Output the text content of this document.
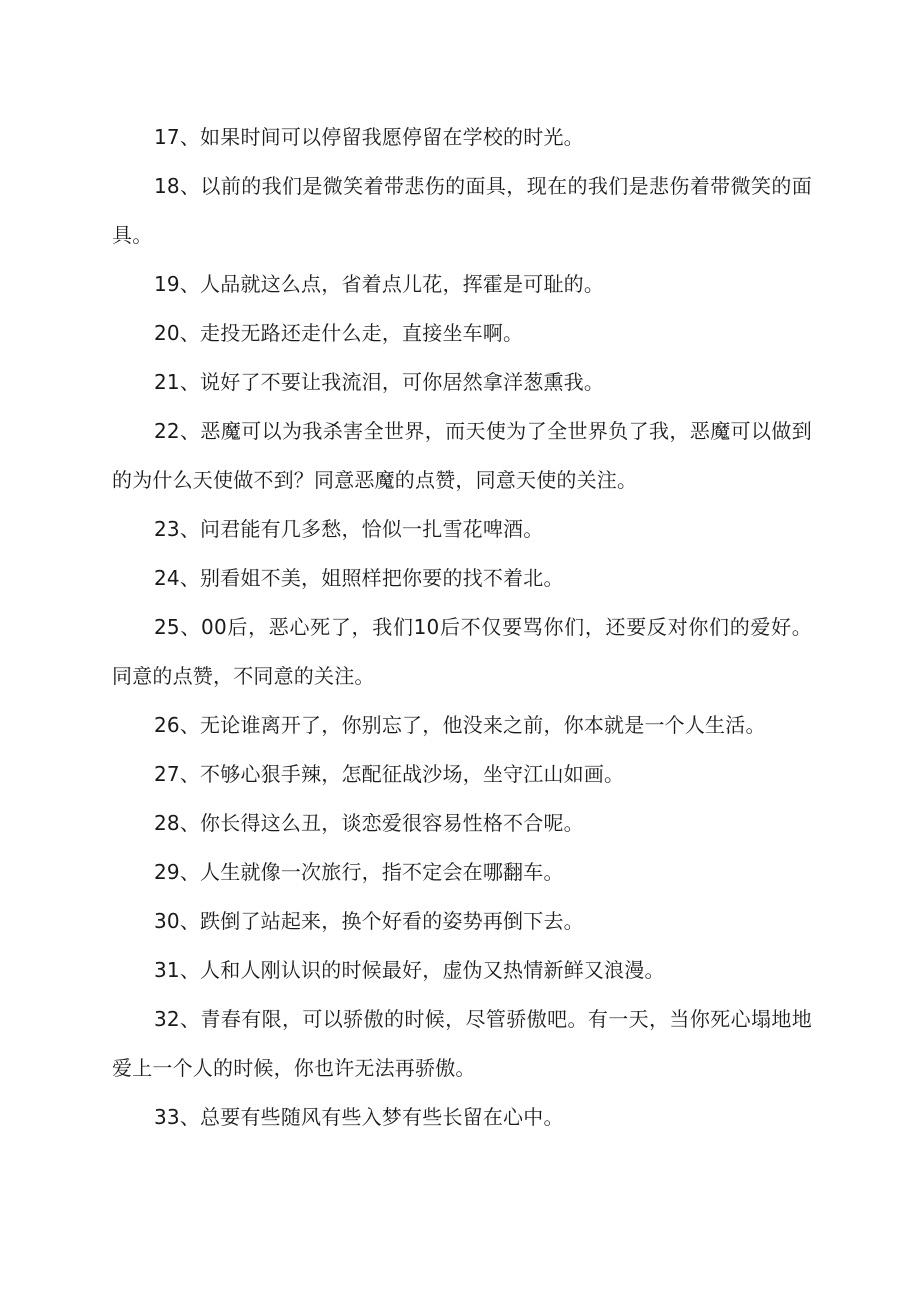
17、如果时间可以停留我愿停留在学校的时光。

18、以前的我们是微笑着带悲伤的面具，现在的我们是悲伤着带微笑的面具。

19、人品就这么点，省着点儿花，挥霍是可耻的。

20、走投无路还走什么走，直接坐车啊。

21、说好了不要让我流泪，可你居然拿洋葱熏我。

22、恶魔可以为我杀害全世界，而天使为了全世界负了我，恶魔可以做到的为什么天使做不到？同意恶魔的点赞，同意天使的关注。

23、问君能有几多愁，恰似一扎雪花啤酒。

24、别看姐不美，姐照样把你要的找不着北。

25、00后，恶心死了，我们10后不仅要骂你们，还要反对你们的爱好。同意的点赞，不同意的关注。

26、无论谁离开了，你别忘了，他没来之前，你本就是一个人生活。

27、不够心狠手辣，怎配征战沙场，坐守江山如画。

28、你长得这么丑，谈恋爱很容易性格不合呢。

29、人生就像一次旅行，指不定会在哪翻车。

30、跌倒了站起来，换个好看的姿势再倒下去。

31、人和人刚认识的时候最好，虚伪又热情新鲜又浪漫。

32、青春有限，可以骄傲的时候，尽管骄傲吧。有一天，当你死心塌地地爱上一个人的时候，你也许无法再骄傲。

33、总要有些随风有些入梦有些长留在心中。
